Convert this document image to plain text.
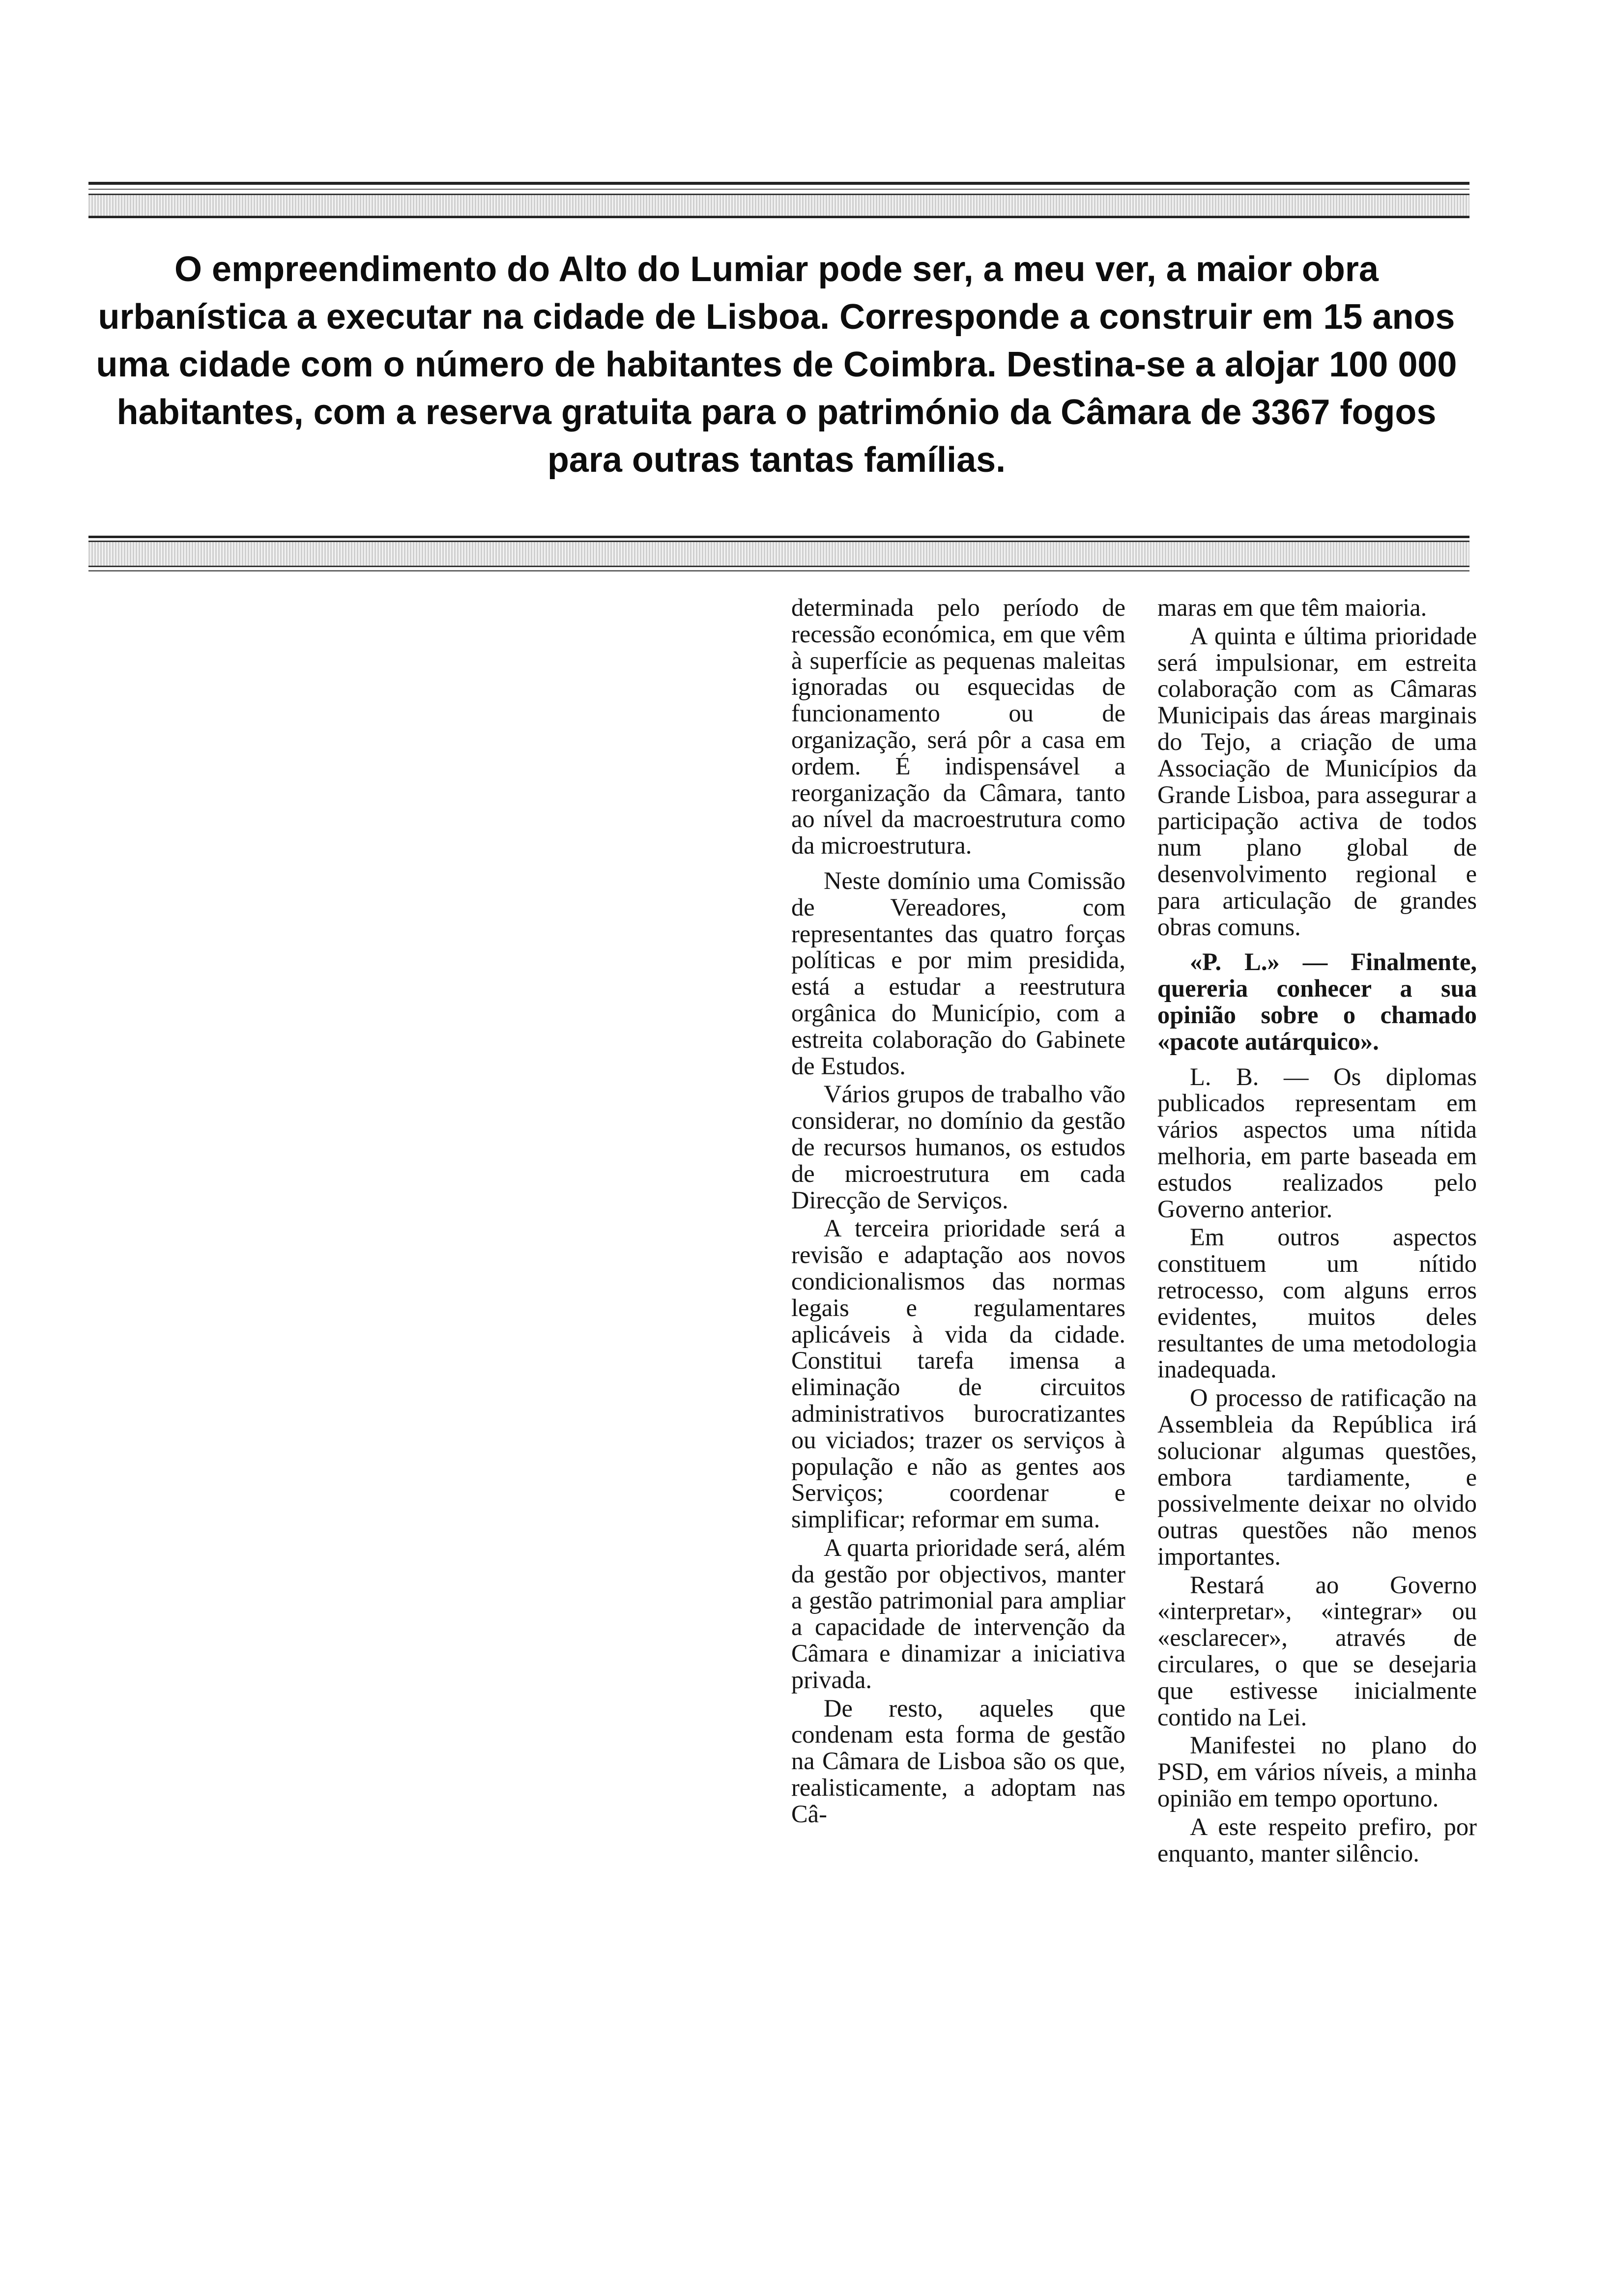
O empreendimento do Alto do Lumiar pode ser, a meu ver, a maior obra urbanística a executar na cidade de Lisboa. Corresponde a construir em 15 anos uma cidade com o número de habitantes de Coimbra. Destina-se a alojar 100 000 habitantes, com a reserva gratuita para o património da Câmara de 3367 fogos para outras tantas famílias.

determinada pelo período de recessão económica, em que vêm à superfície as pequenas maleitas ignoradas ou esquecidas de funcionamento ou de organização, será pôr a casa em ordem. É indispensável a reorganização da Câmara, tanto ao nível da macroestrutura como da microestrutura.

Neste domínio uma Comissão de Vereadores, com representantes das quatro forças políticas e por mim presidida, está a estudar a reestrutura orgânica do Município, com a estreita colaboração do Gabinete de Estudos.

Vários grupos de trabalho vão considerar, no domínio da gestão de recursos humanos, os estudos de microestrutura em cada Direcção de Serviços.

A terceira prioridade será a revisão e adaptação aos novos condicionalismos das normas legais e regulamentares aplicáveis à vida da cidade. Constitui tarefa imensa a eliminação de circuitos administrativos burocratizantes ou viciados; trazer os serviços à população e não as gentes aos Serviços; coordenar e simplificar; reformar em suma.

A quarta prioridade será, além da gestão por objectivos, manter a gestão patrimonial para ampliar a capacidade de intervenção da Câmara e dinamizar a iniciativa privada.

De resto, aqueles que condenam esta forma de gestão na Câmara de Lisboa são os que, realisticamente, a adoptam nas Câ-

maras em que têm maioria.

A quinta e última prioridade será impulsionar, em estreita colaboração com as Câmaras Municipais das áreas marginais do Tejo, a criação de uma Associação de Municípios da Grande Lisboa, para assegurar a participação activa de todos num plano global de desenvolvimento regional e para articulação de grandes obras comuns.

«P. L.» — Finalmente, quereria conhecer a sua opinião sobre o chamado «pacote autárquico».

L. B. — Os diplomas publicados representam em vários aspectos uma nítida melhoria, em parte baseada em estudos realizados pelo Governo anterior.

Em outros aspectos constituem um nítido retrocesso, com alguns erros evidentes, muitos deles resultantes de uma metodologia inadequada.

O processo de ratificação na Assembleia da República irá solucionar algumas questões, embora tardiamente, e possivelmente deixar no olvido outras questões não menos importantes.

Restará ao Governo «interpretar», «integrar» ou «esclarecer», através de circulares, o que se desejaria que estivesse inicialmente contido na Lei.

Manifestei no plano do PSD, em vários níveis, a minha opinião em tempo oportuno.

A este respeito prefiro, por enquanto, manter silêncio.
